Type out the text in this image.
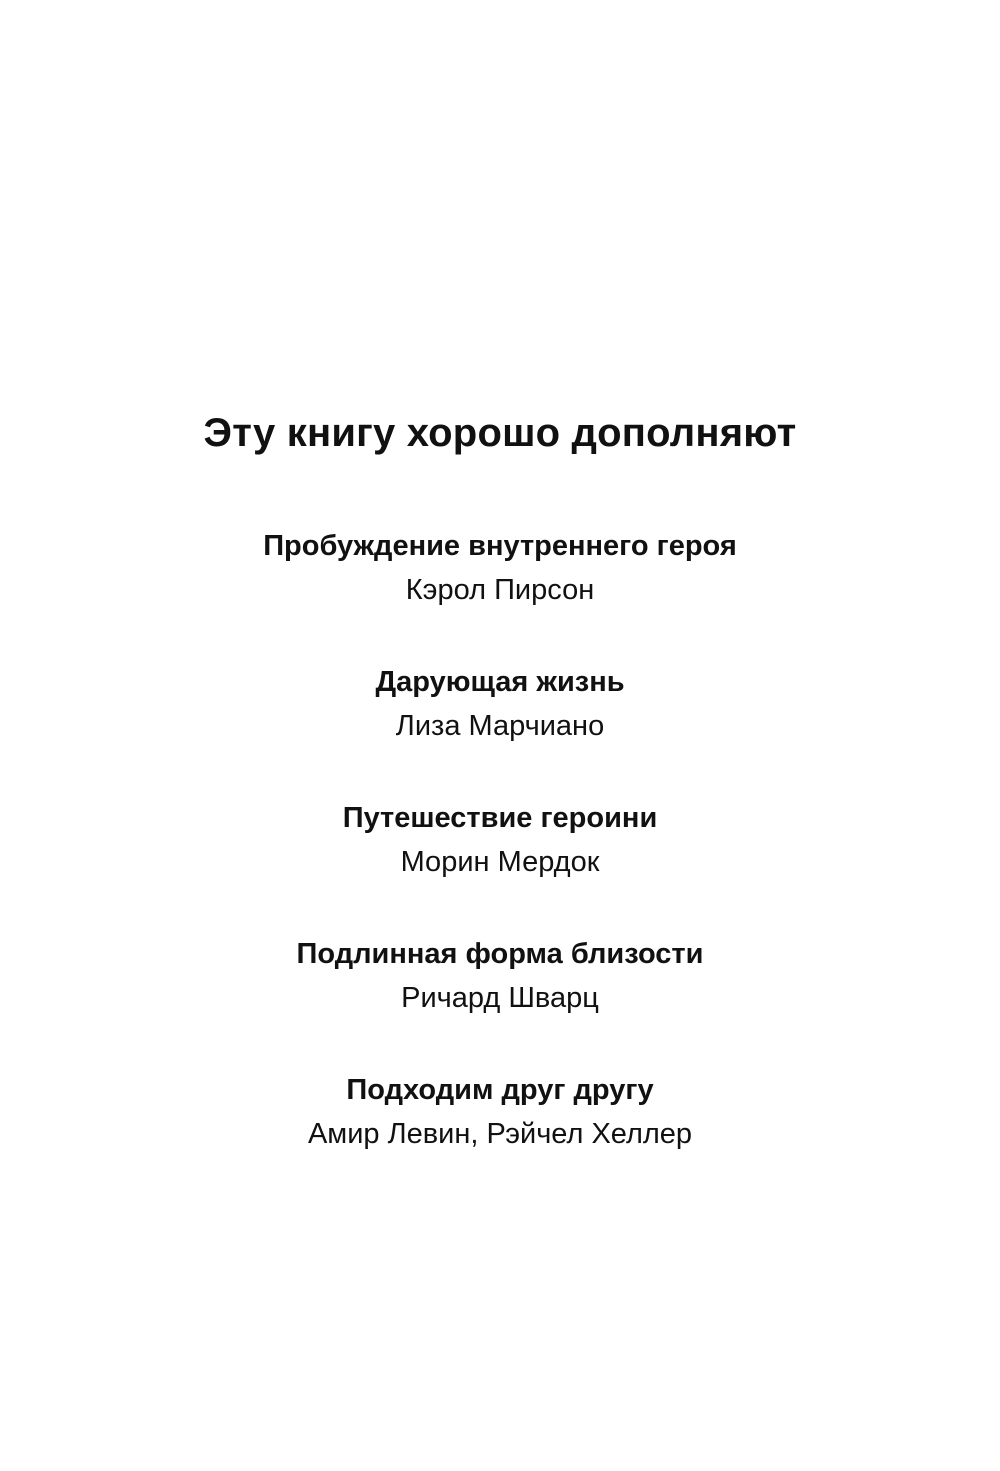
Эту книгу хорошо дополняют
Пробуждение внутреннего героя
Кэрол Пирсон
Дарующая жизнь
Лиза Марчиано
Путешествие героини
Морин Мердок
Подлинная форма близости
Ричард Шварц
Подходим друг другу
Амир Левин, Рэйчел Хеллер
